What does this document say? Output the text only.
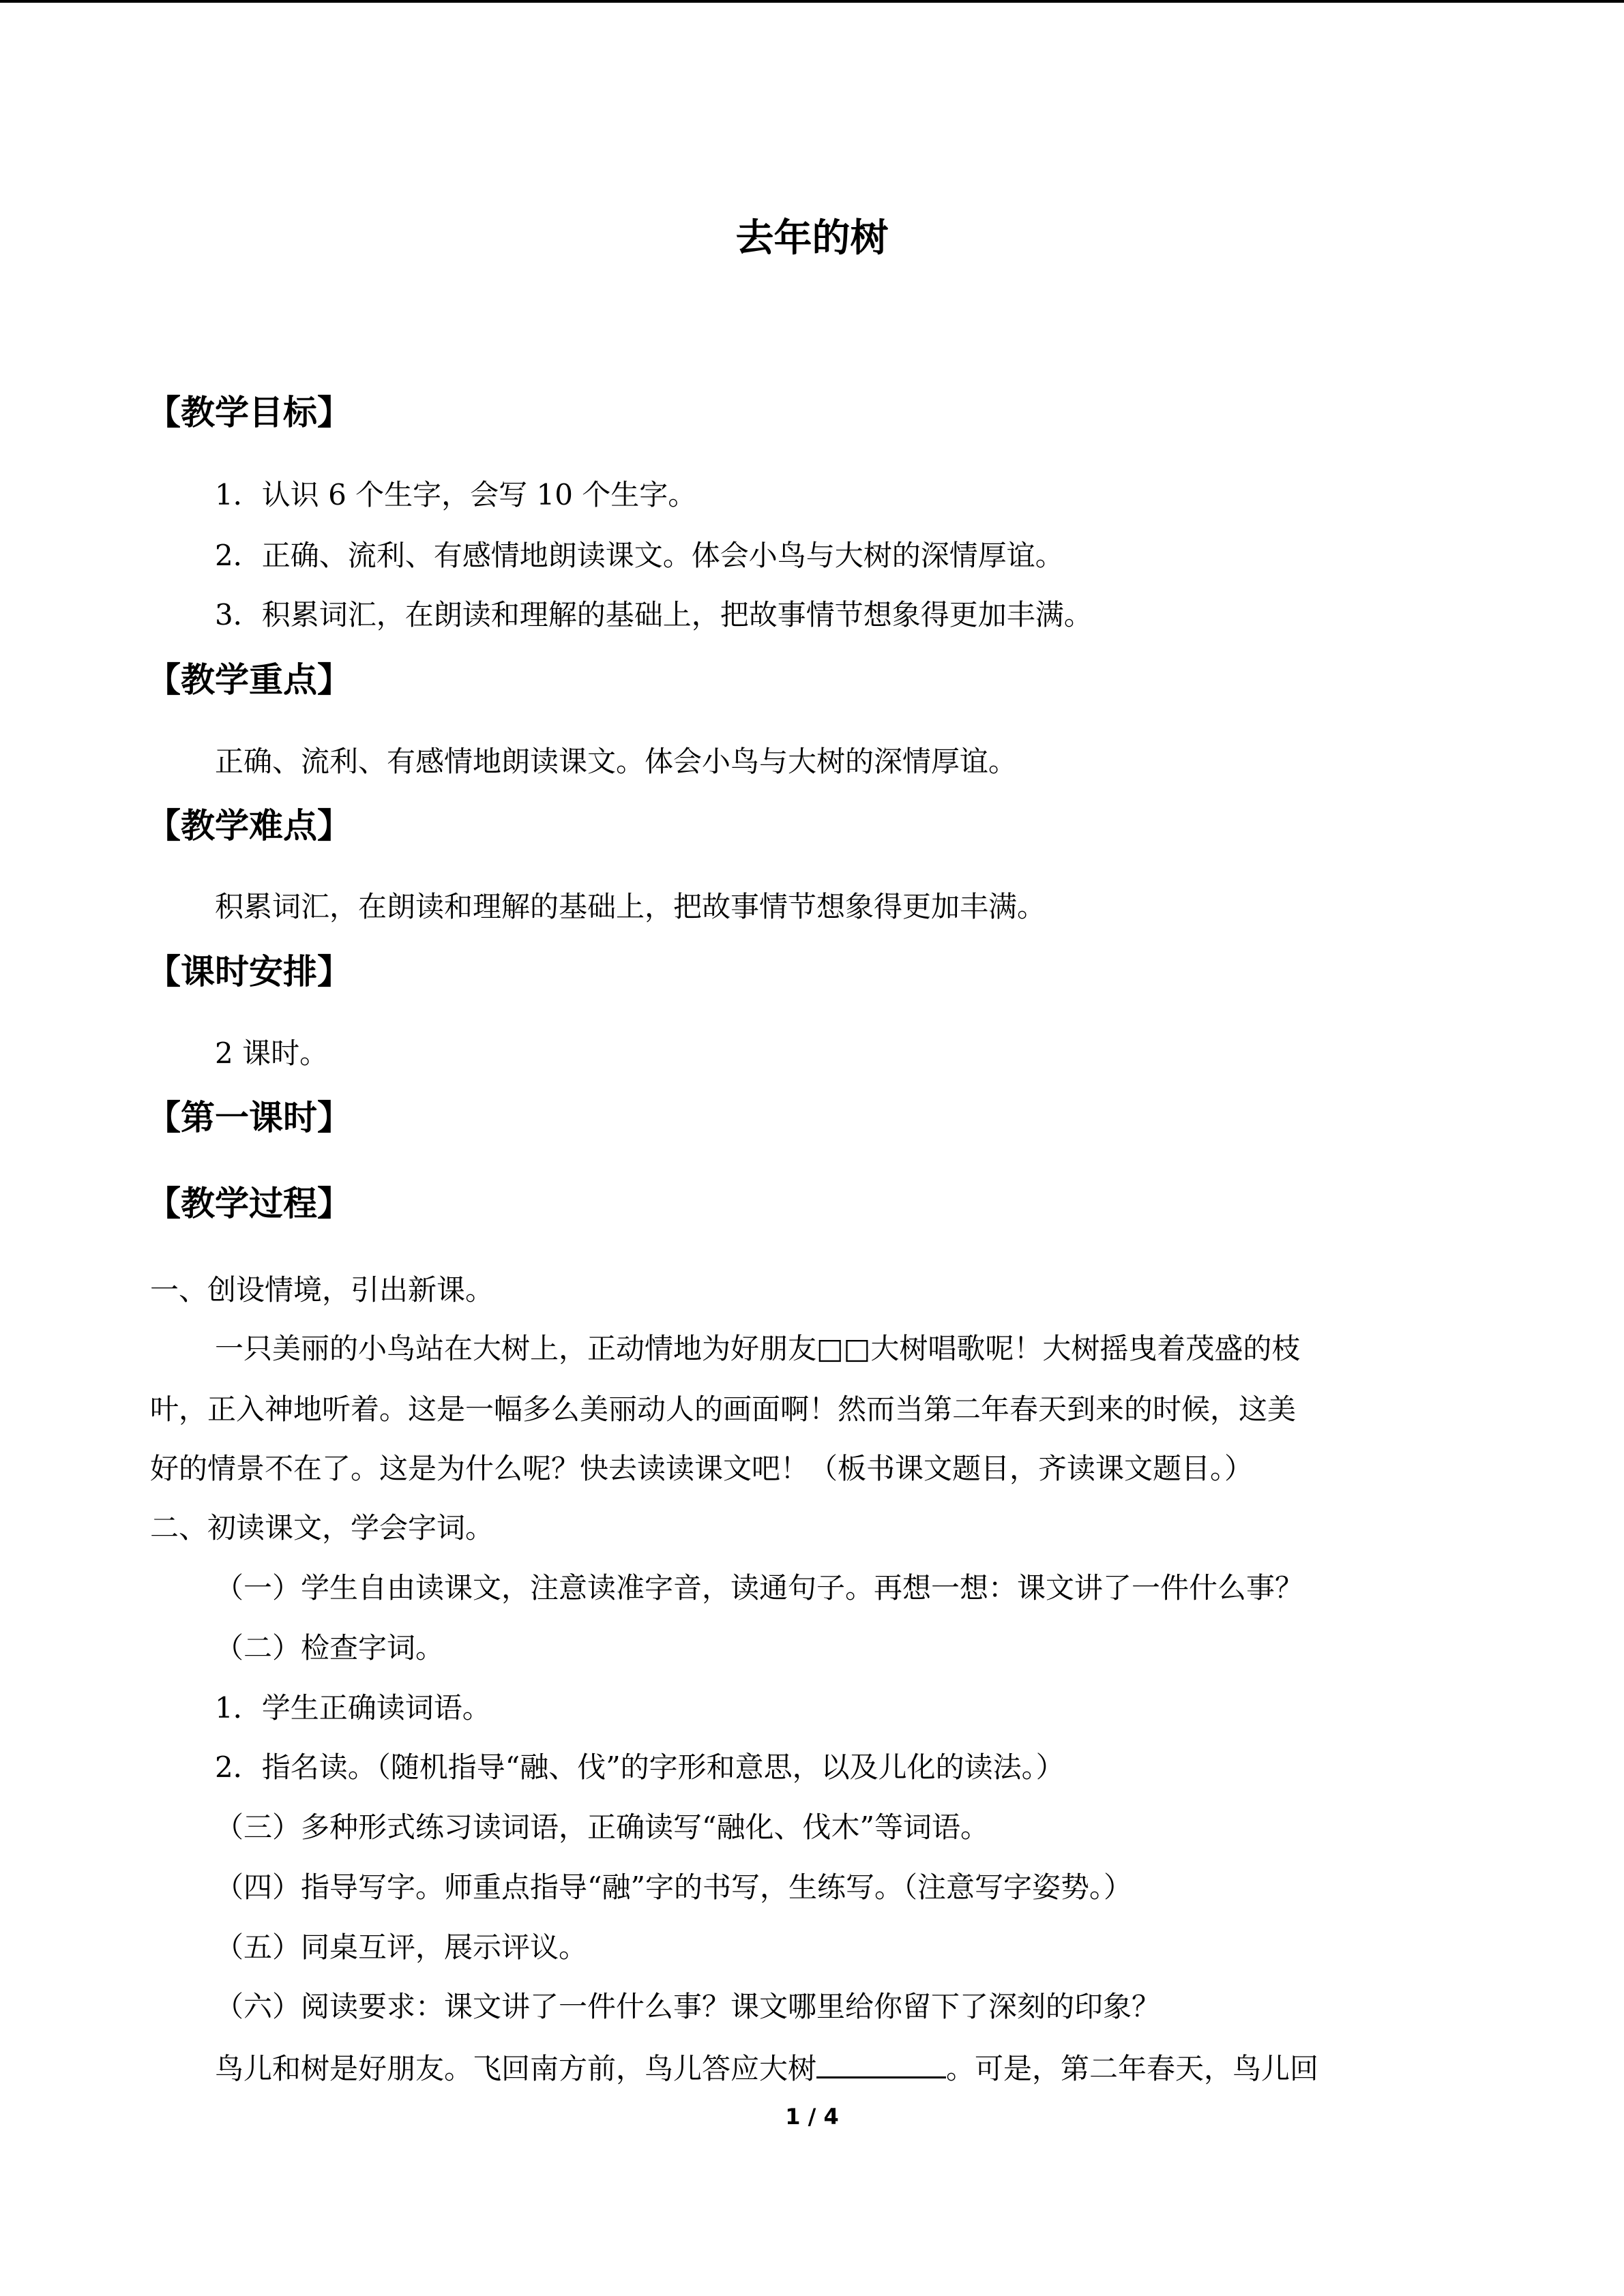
去年的树
【教学目标】

1．认识 6 个生字，会写 10 个生字。

2．正确、流利、有感情地朗读课文。体会小鸟与大树的深情厚谊。

3．积累词汇，在朗读和理解的基础上，把故事情节想象得更加丰满。

【教学重点】

正确、流利、有感情地朗读课文。体会小鸟与大树的深情厚谊。

【教学难点】

积累词汇，在朗读和理解的基础上，把故事情节想象得更加丰满。

【课时安排】

2 课时。

【第一课时】
【教学过程】

一、创设情境，引出新课。

一只美丽的小鸟站在大树上，正动情地为好朋友□□大树唱歌呢！大树摇曳着茂盛的枝

叶，正入神地听着。这是一幅多么美丽动人的画面啊！然而当第二年春天到来的时候，这美

好的情景不在了。这是为什么呢？快去读读课文吧！（板书课文题目，齐读课文题目。）

二、初读课文，学会字词。

（一）学生自由读课文，注意读准字音，读通句子。再想一想：课文讲了一件什么事？

（二）检查字词。

1．学生正确读词语。

2．指名读。（随机指导“融、伐”的字形和意思，以及儿化的读法。）

（三）多种形式练习读词语，正确读写“融化、伐木”等词语。

（四）指导写字。师重点指导“融”字的书写，生练写。（注意写字姿势。）

（五）同桌互评，展示评议。

（六）阅读要求：课文讲了一件什么事？课文哪里给你留下了深刻的印象？

鸟儿和树是好朋友。飞回南方前，鸟儿答应大树	。可是，第二年春天，鸟儿回

1 / 4
